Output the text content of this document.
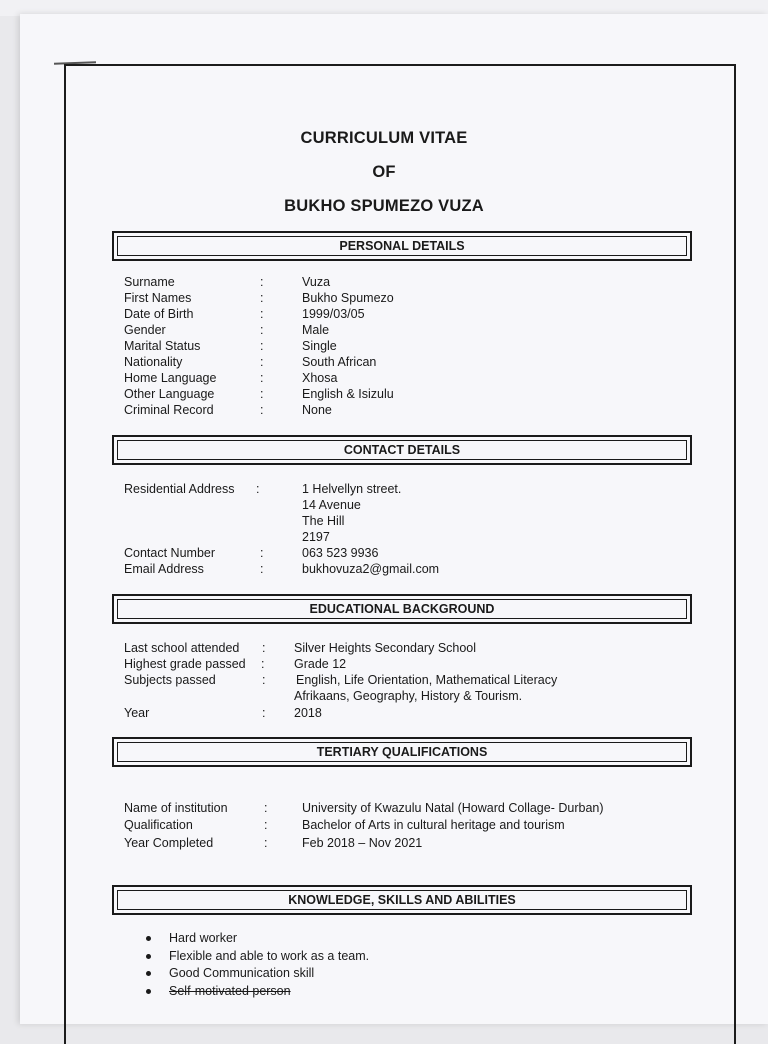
CURRICULUM VITAE
OF
BUKHO SPUMEZO VUZA
PERSONAL DETAILS
Surname	:	Vuza
First Names	:	Bukho Spumezo
Date of Birth	:	1999/03/05
Gender	:	Male
Marital Status	:	Single
Nationality	:	South African
Home Language	:	Xhosa
Other Language	:	English & Isizulu
Criminal Record	:	None
CONTACT DETAILS
Residential Address :	1 Helvellyn street.
14 Avenue
The Hill
2197
Contact Number	:	063 523 9936
Email Address	:	bukhovuza2@gmail.com
EDUCATIONAL BACKGROUND
Last school attended : Silver Heights Secondary School
Highest grade passed : Grade 12
Subjects passed	: English, Life Orientation, Mathematical Literacy
Afrikaans, Geography, History & Tourism.
Year	: 2018
TERTIARY QUALIFICATIONS
Name of institution	:	University of Kwazulu Natal (Howard Collage- Durban)
Qualification	:	Bachelor of Arts in cultural heritage and tourism
Year Completed	:	Feb 2018 – Nov 2021
KNOWLEDGE, SKILLS AND ABILITIES
Hard worker
Flexible and able to work as a team.
Good Communication skill
Self-motivated person
